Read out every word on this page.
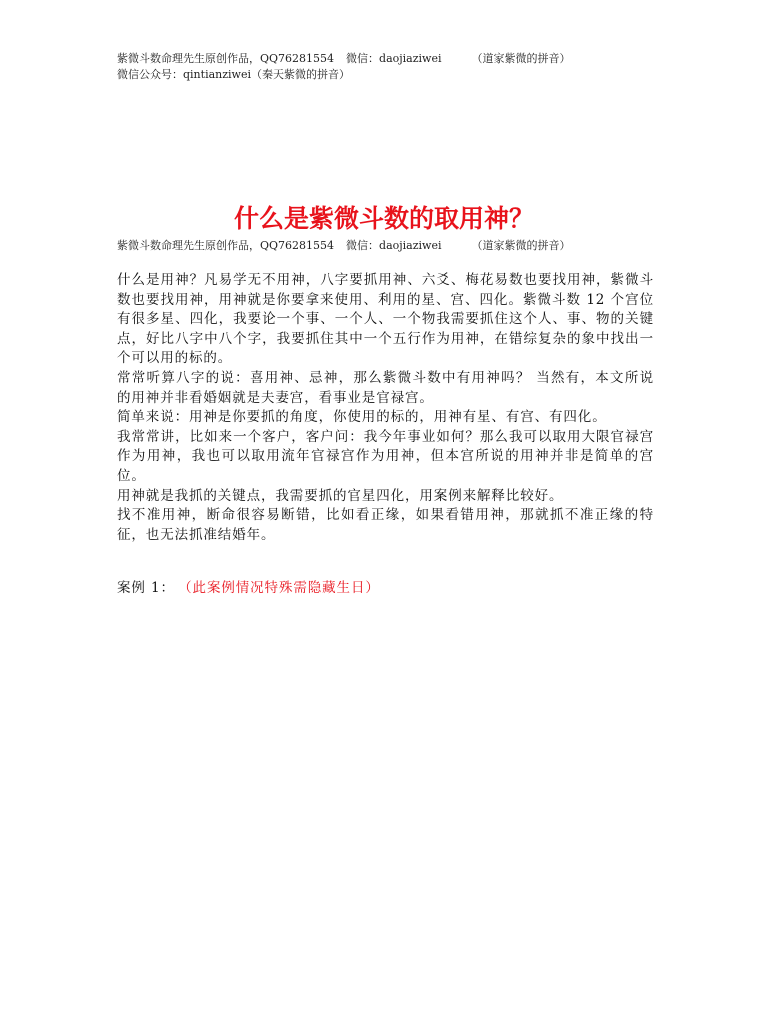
紫微斗数命理先生原创作品，QQ76281554 微信：daojiaziwei	（道家紫微的拼音）
微信公众号：qintianziwei（秦天紫微的拼音）
什么是紫微斗数的取用神？
紫微斗数命理先生原创作品，QQ76281554 微信：daojiaziwei	（道家紫微的拼音）

什么是用神？凡易学无不用神，八字要抓用神、六爻、梅花易数也要找用神，紫微斗数也要找用神，用神就是你要拿来使用、利用的星、宫、四化。紫微斗数 12 个宫位有很多星、四化，我要论一个事、一个人、一个物我需要抓住这个人、事、物的关键点，好比八字中八个字，我要抓住其中一个五行作为用神，在错综复杂的象中找出一个可以用的标的。

常常听算八字的说：喜用神、忌神，那么紫微斗数中有用神吗？ 当然有，本文所说的用神并非看婚姻就是夫妻宫，看事业是官禄宫。

简单来说：用神是你要抓的角度，你使用的标的，用神有星、有宫、有四化。

我常常讲，比如来一个客户，客户问：我今年事业如何？那么我可以取用大限官禄宫作为用神，我也可以取用流年官禄宫作为用神，但本宫所说的用神并非是简单的宫位。

用神就是我抓的关键点，我需要抓的官星四化，用案例来解释比较好。

找不准用神，断命很容易断错，比如看正缘，如果看错用神，那就抓不准正缘的特征，也无法抓准结婚年。

案例 1： （此案例情况特殊需隐藏生日）
